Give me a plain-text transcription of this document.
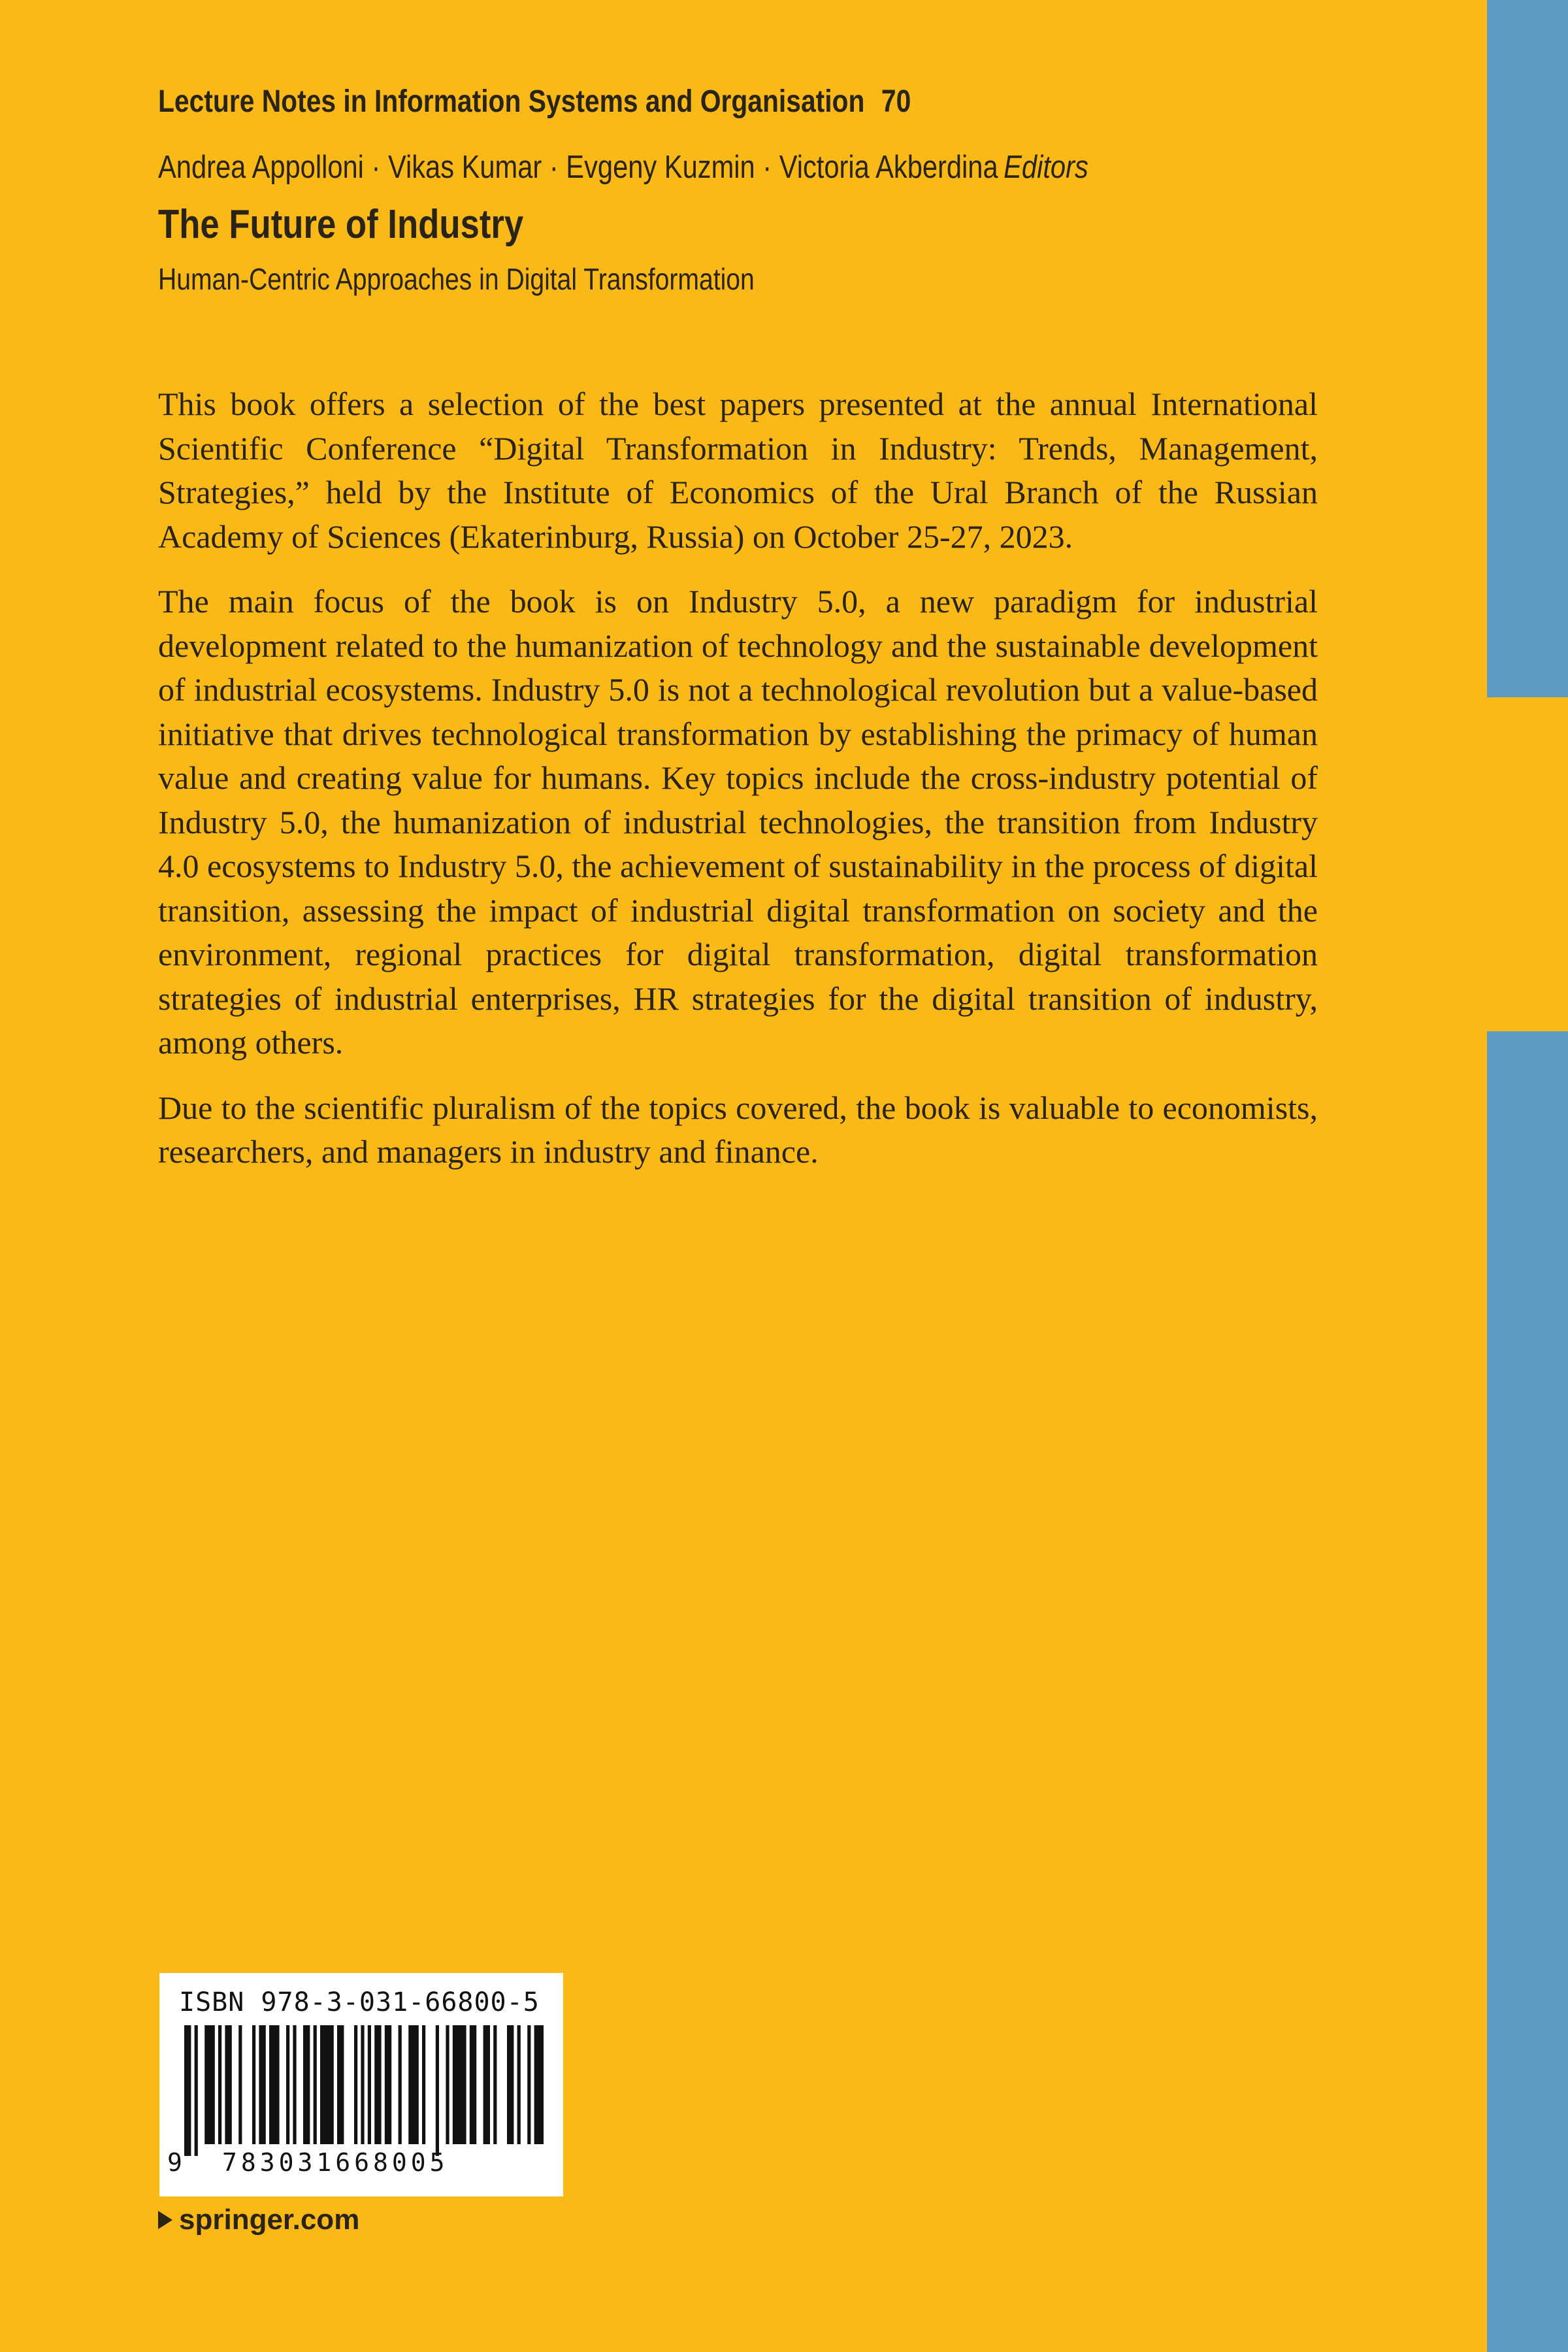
Lecture Notes in Information Systems and Organisation 70
Andrea Appolloni · Vikas Kumar · Evgeny Kuzmin · Victoria Akberdina Editors
The Future of Industry
Human-Centric Approaches in Digital Transformation

This book offers a selection of the best papers presented at the annual International Scientific Conference “Digital Transformation in Industry: Trends, Management, Strategies,” held by the Institute of Economics of the Ural Branch of the Russian Academy of Sciences (Ekaterinburg, Russia) on October 25-27, 2023.

The main focus of the book is on Industry 5.0, a new paradigm for industrial development related to the humanization of technology and the sustainable development of industrial ecosystems. Industry 5.0 is not a technological revolution but a value-based initiative that drives technological transformation by establishing the primacy of human value and creating value for humans. Key topics include the cross-industry potential of Industry 5.0, the humanization of industrial technologies, the transition from Industry 4.0 ecosystems to Industry 5.0, the achievement of sustainability in the process of digital transition, assessing the impact of industrial digital transformation on society and the environment, regional practices for digital transformation, digital transformation strategies of industrial enterprises, HR strategies for the digital transition of industry, among others.

Due to the scientific pluralism of the topics covered, the book is valuable to economists, researchers, and managers in industry and finance.

ISBN 978-3-031-66800-5
9 783031668005
springer.com
